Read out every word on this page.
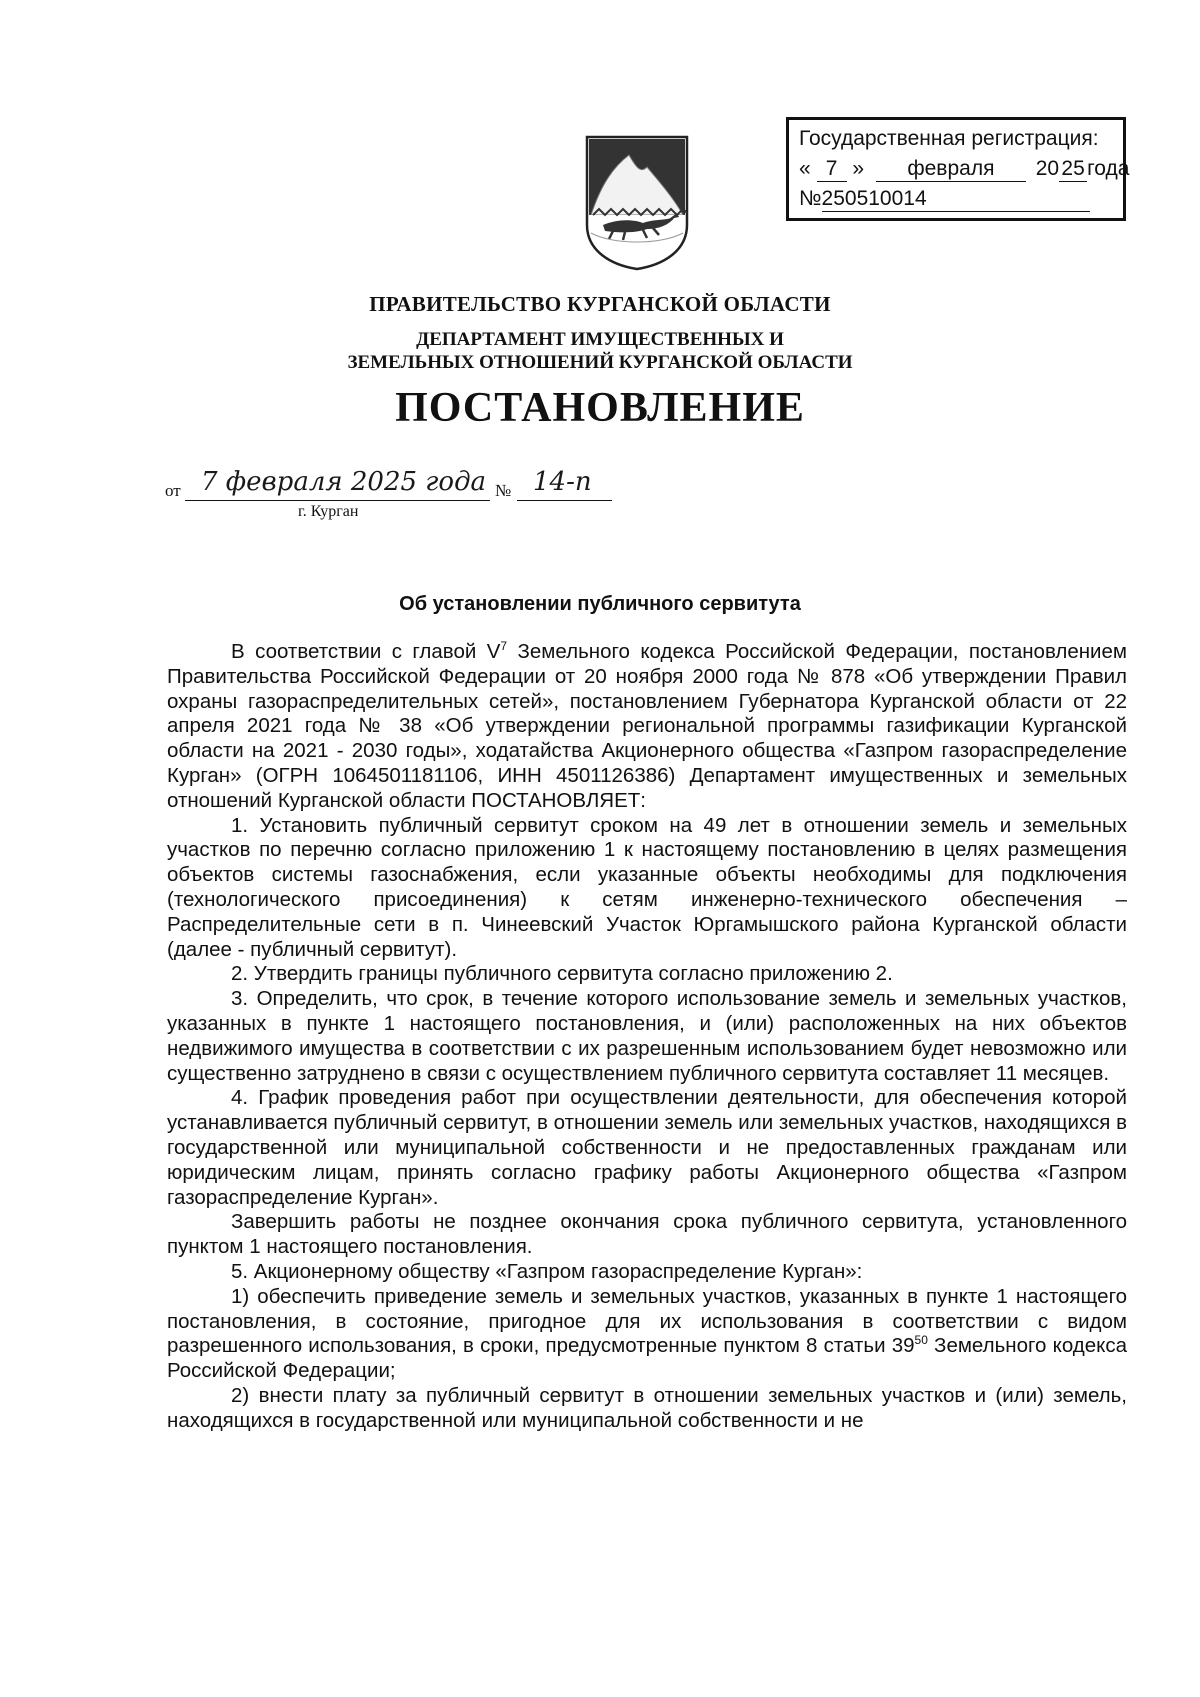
Государственная регистрация:
« 7 » февраля 20 25 года
№250510014
ПРАВИТЕЛЬСТВО КУРГАНСКОЙ ОБЛАСТИ
ДЕПАРТАМЕНТ ИМУЩЕСТВЕННЫХ И
ЗЕМЕЛЬНЫХ ОТНОШЕНИЙ КУРГАНСКОЙ ОБЛАСТИ
ПОСТАНОВЛЕНИЕ
от 7 февраля 2025 года № 14-п
г. Курган
Об установлении публичного сервитута

В соответствии с главой $V^7$ Земельного кодекса Российской Федерации, постановлением Правительства Российской Федерации от 20 ноября 2000 года № 878 «Об утверждении Правил охраны газораспределительных сетей», постановлением Губернатора Курганской области от 22 апреля 2021 года № 38 «Об утверждении региональной программы газификации Курганской области на 2021 - 2030 годы», ходатайства Акционерного общества «Газпром газораспределение Курган» (ОГРН 1064501181106, ИНН 4501126386) Департамент имущественных и земельных отношений Курганской области ПОСТАНОВЛЯЕТ:

1. Установить публичный сервитут сроком на 49 лет в отношении земель и земельных участков по перечню согласно приложению 1 к настоящему постановлению в целях размещения объектов системы газоснабжения, если указанные объекты необходимы для подключения (технологического присоединения) к сетям инженерно-технического обеспечения – Распределительные сети в п. Чинеевский Участок Юргамышского района Курганской области (далее - публичный сервитут).

2. Утвердить границы публичного сервитута согласно приложению 2.

3. Определить, что срок, в течение которого использование земель и земельных участков, указанных в пункте 1 настоящего постановления, и (или) расположенных на них объектов недвижимого имущества в соответствии с их разрешенным использованием будет невозможно или существенно затруднено в связи с осуществлением публичного сервитута составляет 11 месяцев.

4. График проведения работ при осуществлении деятельности, для обеспечения которой устанавливается публичный сервитут, в отношении земель или земельных участков, находящихся в государственной или муниципальной собственности и не предоставленных гражданам или юридическим лицам, принять согласно графику работы Акционерного общества «Газпром газораспределение Курган».

Завершить работы не позднее окончания срока публичного сервитута, установленного пунктом 1 настоящего постановления.

5. Акционерному обществу «Газпром газораспределение Курган»:

1) обеспечить приведение земель и земельных участков, указанных в пункте 1 настоящего постановления, в состояние, пригодное для их использования в соответствии с видом разрешенного использования, в сроки, предусмотренные пунктом 8 статьи $39^{50}$ Земельного кодекса Российской Федерации;

2) внести плату за публичный сервитут в отношении земельных участков и (или) земель, находящихся в государственной или муниципальной собственности и не
